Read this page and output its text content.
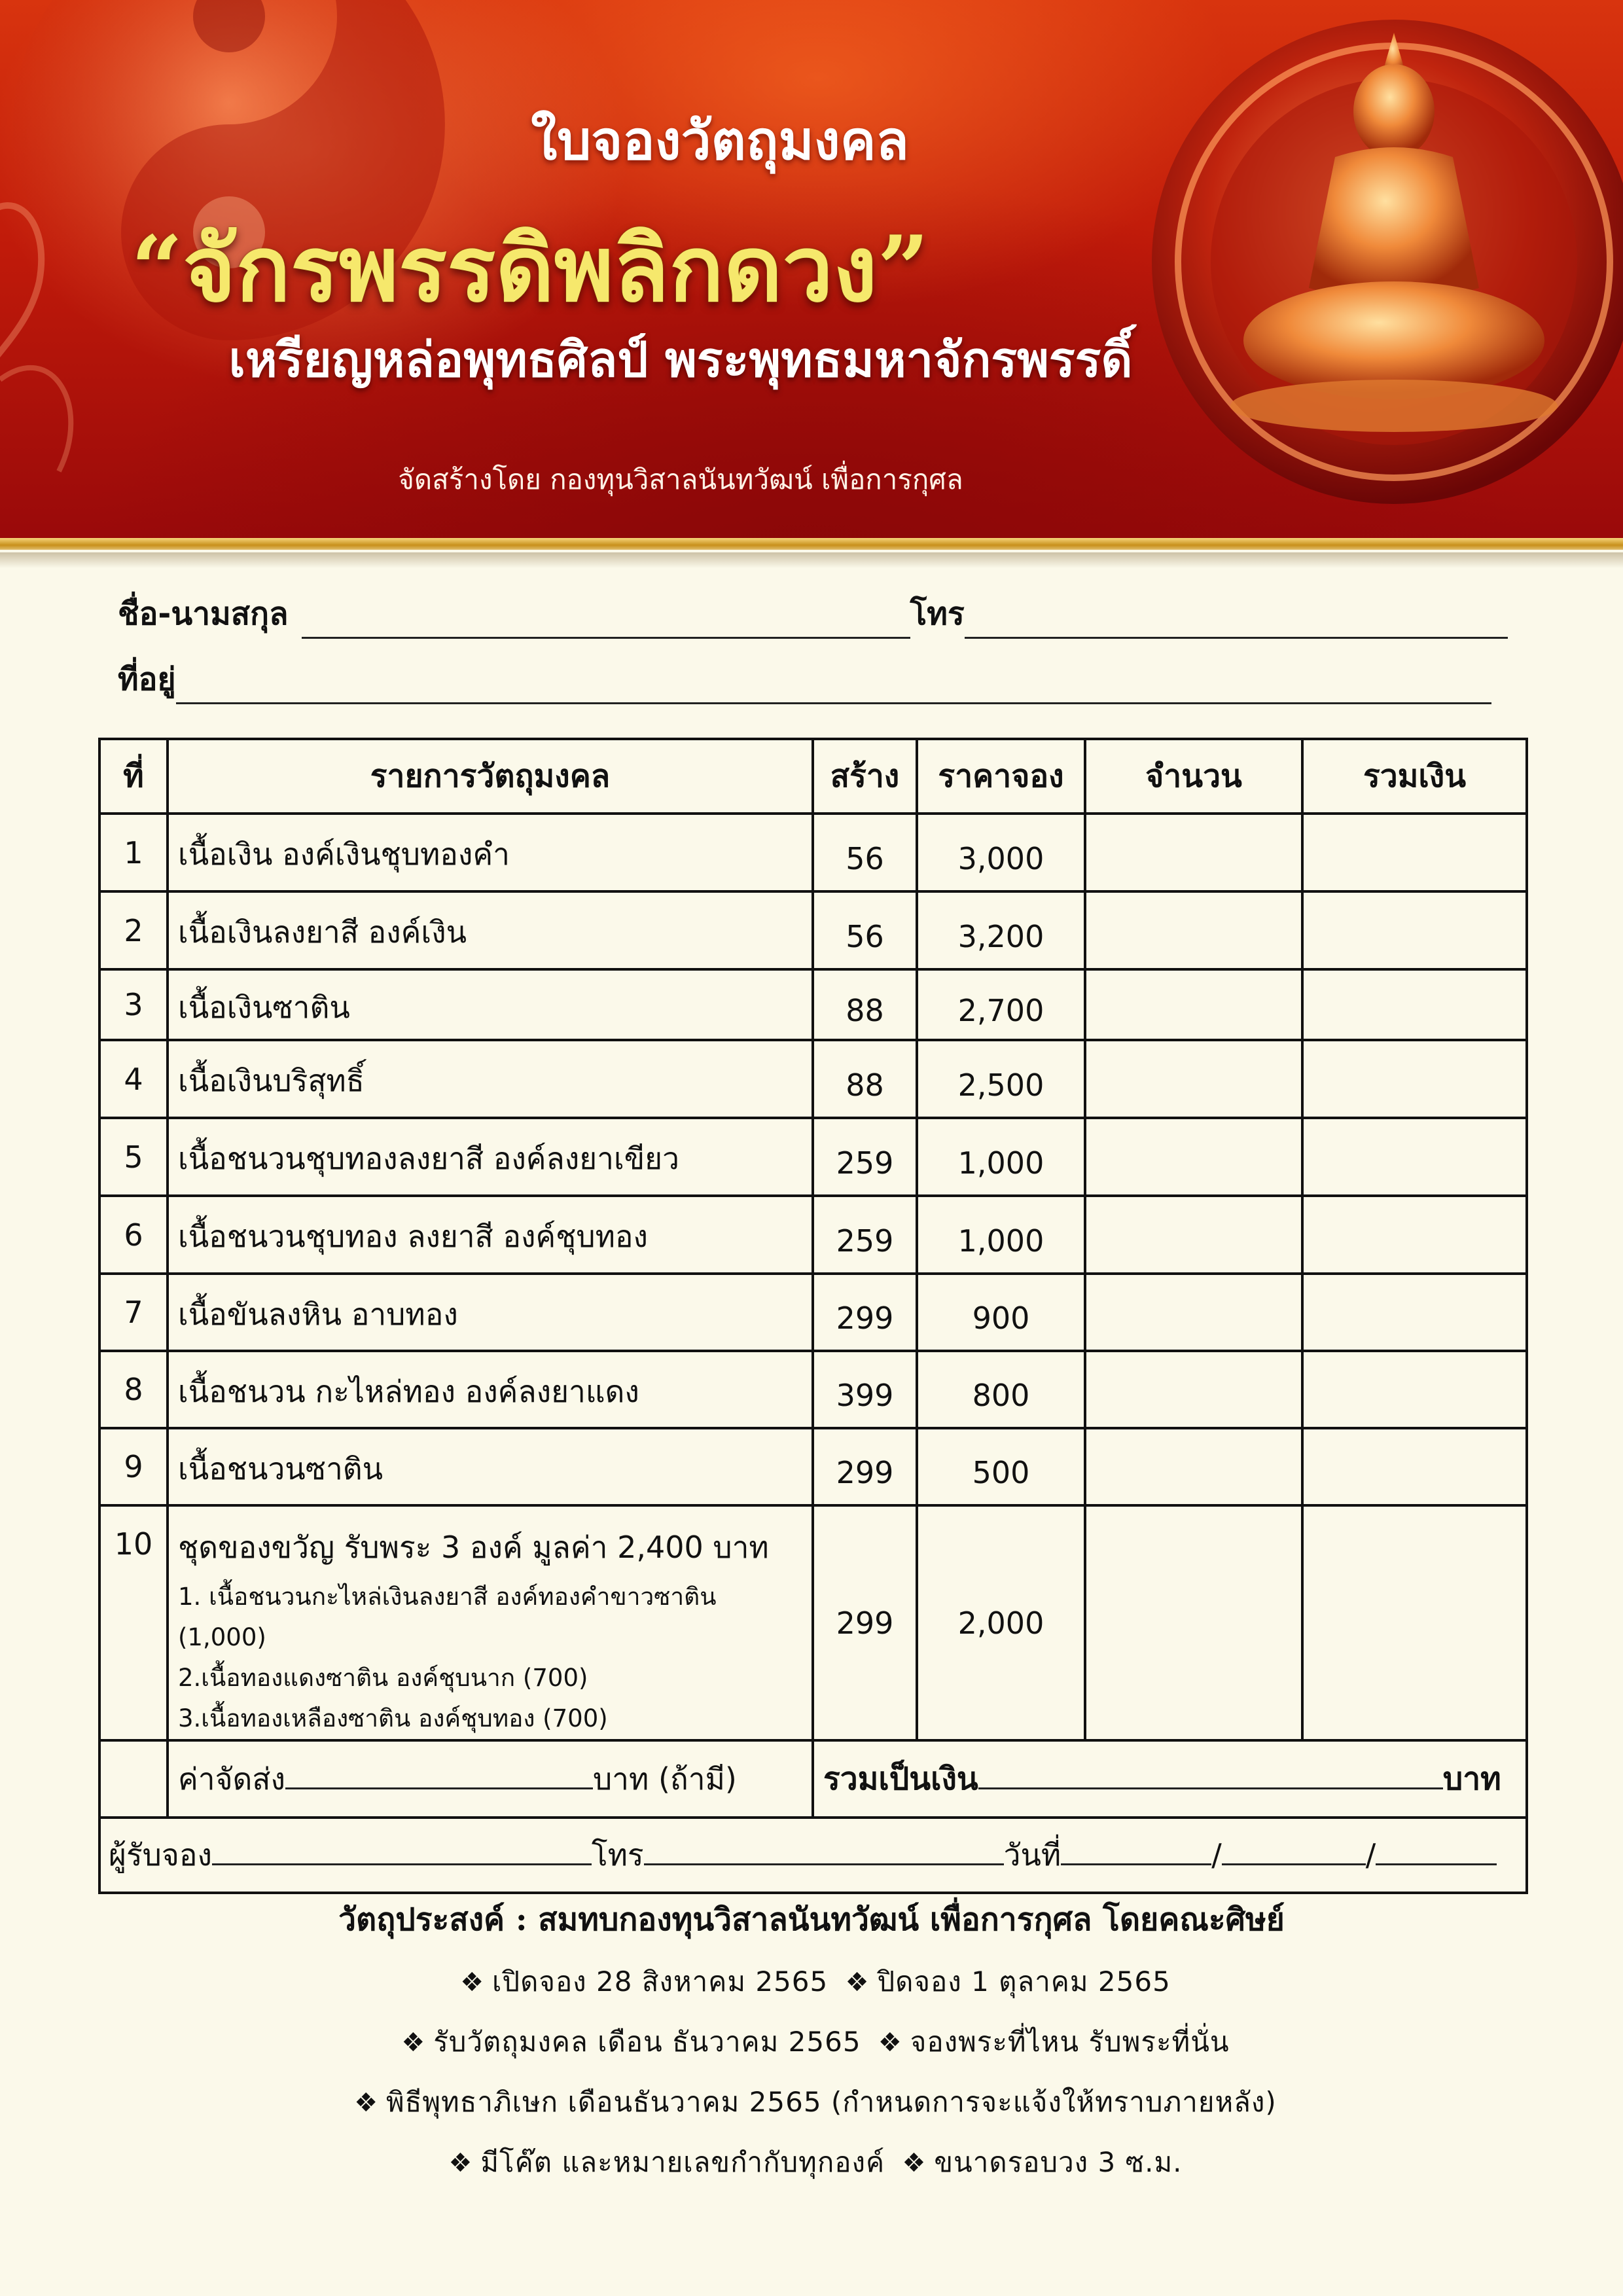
ใบจองวัตถุมงคล
“จักรพรรดิพลิกดวง”
เหรียญหล่อพุทธศิลป์ พระพุทธมหาจักรพรรดิ์
จัดสร้างโดย กองทุนวิสาลนันทวัฒน์ เพื่อการกุศล
ชื่อ-นามสกุล	โทร
ที่อยู่
ที่	รายการวัตถุมงคล	สร้าง	ราคาจอง	จำนวน	รวมเงิน
1	เนื้อเงิน องค์เงินชุบทองคำ	56	3,000		
2	เนื้อเงินลงยาสี องค์เงิน	56	3,200		
3	เนื้อเงินซาติน	88	2,700		
4	เนื้อเงินบริสุทธิ์	88	2,500		
5	เนื้อชนวนชุบทองลงยาสี องค์ลงยาเขียว	259	1,000		
6	เนื้อชนวนชุบทอง ลงยาสี องค์ชุบทอง	259	1,000		
7	เนื้อขันลงหิน อาบทอง	299	900		
8	เนื้อชนวน กะไหล่ทอง องค์ลงยาแดง	399	800		
9	เนื้อชนวนซาติน	299	500		
10	ชุดของขวัญ รับพระ 3 องค์ มูลค่า 2,400 บาท
1. เนื้อชนวนกะไหล่เงินลงยาสี องค์ทองคำขาวซาติน (1,000)
2.เนื้อทองแดงซาติน องค์ชุบนาก (700)
3.เนื้อทองเหลืองซาติน องค์ชุบทอง (700)	299	2,000		
	ค่าจัดส่ง บาท (ถ้ามี)	รวมเป็นเงิน บาท			
ผู้รับจอง โทร วันที่ / /					
วัตถุประสงค์ : สมทบกองทุนวิสาลนันทวัฒน์ เพื่อการกุศล โดยคณะศิษย์
❖ เปิดจอง 28 สิงหาคม 2565 ❖ ปิดจอง 1 ตุลาคม 2565
❖ รับวัตถุมงคล เดือน ธันวาคม 2565 ❖ จองพระที่ไหน รับพระที่นั่น
❖ พิธีพุทธาภิเษก เดือนธันวาคม 2565 (กำหนดการจะแจ้งให้ทราบภายหลัง)
❖ มีโค๊ต และหมายเลขกำกับทุกองค์ ❖ ขนาดรอบวง 3 ซ.ม.
